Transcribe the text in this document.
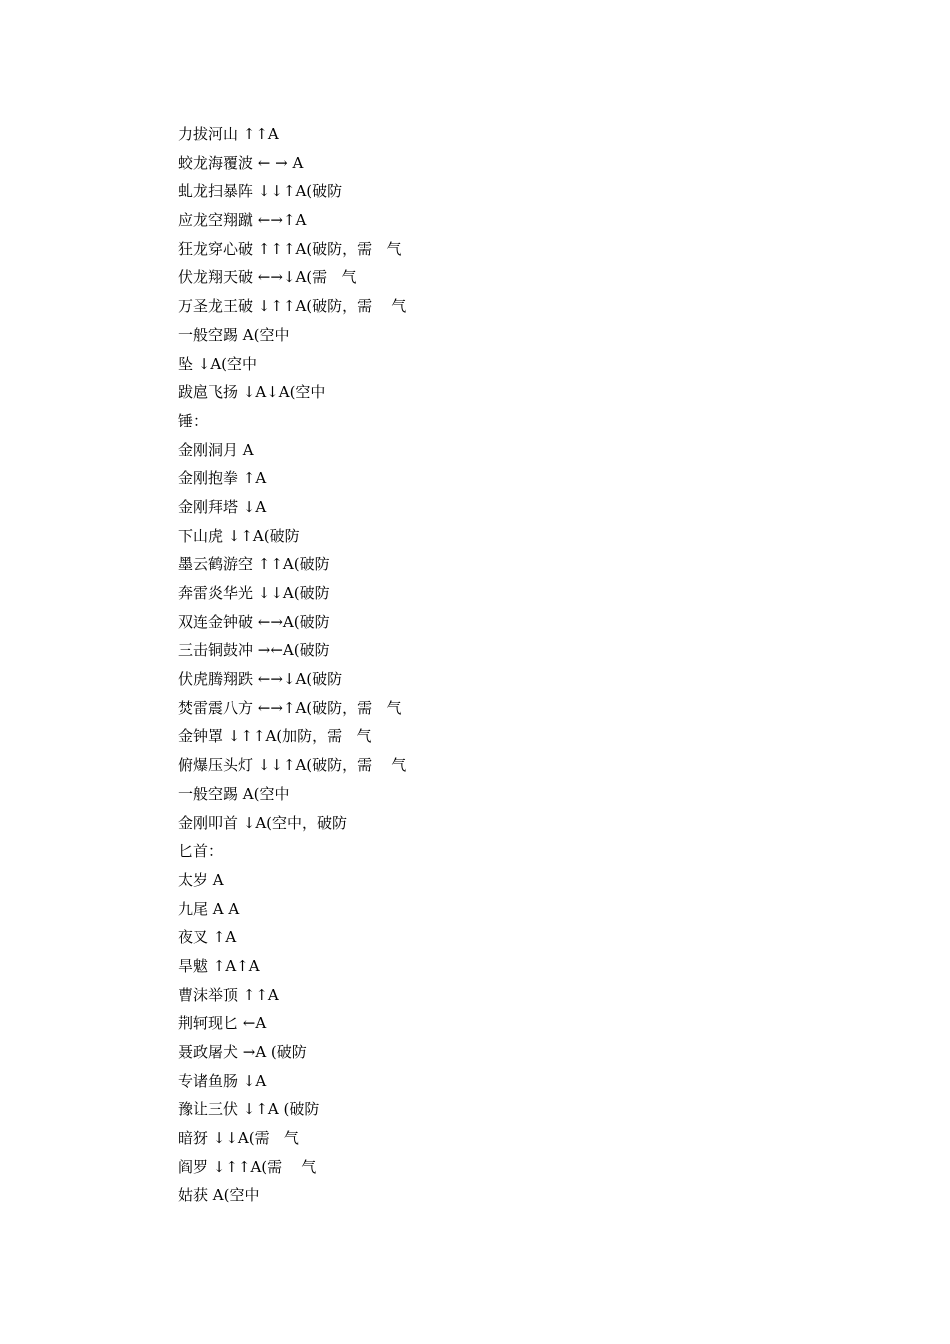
力拔河山 ↑↑A
蛟龙海覆波 ← → A
虬龙扫暴阵 ↓↓↑A(破防
应龙空翔蹴 ←→↑A
狂龙穿心破 ↑↑↑A(破防，需   气
伏龙翔天破 ←→↓A(需   气
万圣龙王破 ↓↑↑A(破防，需    气
一般空踢 A(空中
坠 ↓A(空中
跋扈飞扬 ↓A↓A(空中
锤：
金刚洞月 A
金刚抱拳 ↑A
金刚拜塔 ↓A
下山虎 ↓↑A(破防
墨云鹤游空 ↑↑A(破防
奔雷炎华光 ↓↓A(破防
双连金钟破 ←→A(破防
三击铜鼓冲 →←A(破防
伏虎腾翔跌 ←→↓A(破防
焚雷震八方 ←→↑A(破防，需   气
金钟罩 ↓↑↑A(加防，需   气
俯爆压头灯 ↓↓↑A(破防，需    气
一般空踢 A(空中
金刚叩首 ↓A(空中，破防
匕首：
太岁 A
九尾 A A
夜叉 ↑A
旱魃 ↑A↑A
曹沫举顶 ↑↑A
荆轲现匕 ←A
聂政屠犬 →A (破防
专诸鱼肠 ↓A
豫让三伏 ↓↑A (破防
暗犽 ↓↓A(需   气
阎罗 ↓↑↑A(需    气
姑获 A(空中
